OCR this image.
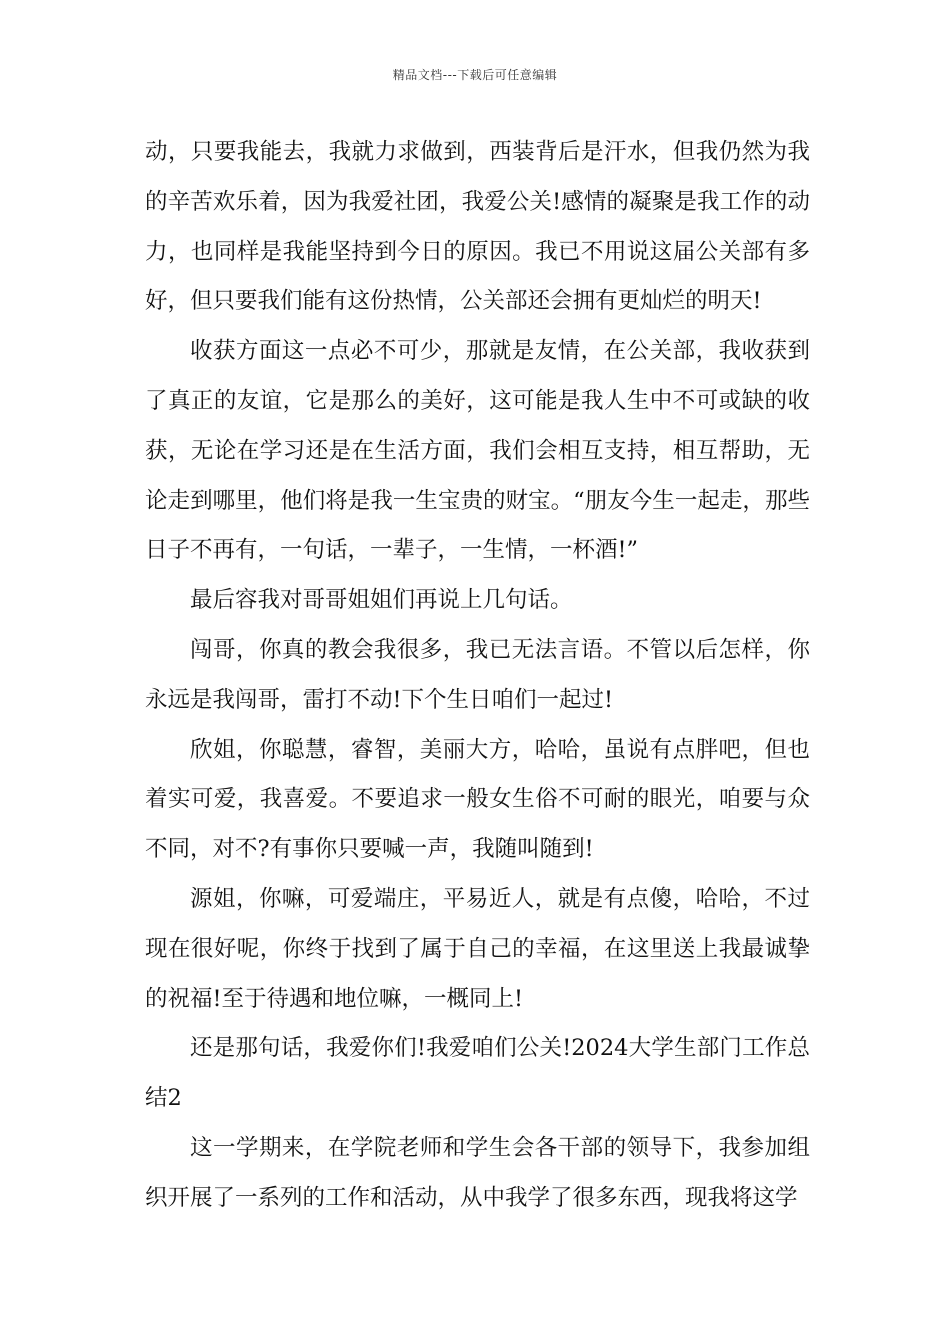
精品文档---下载后可任意编辑

动，只要我能去，我就力求做到，西装背后是汗水，但我仍然为我的辛苦欢乐着，因为我爱社团，我爱公关!感情的凝聚是我工作的动力，也同样是我能坚持到今日的原因。我已不用说这届公关部有多好，但只要我们能有这份热情，公关部还会拥有更灿烂的明天!

收获方面这一点必不可少，那就是友情，在公关部，我收获到了真正的友谊，它是那么的美好，这可能是我人生中不可或缺的收获，无论在学习还是在生活方面，我们会相互支持，相互帮助，无论走到哪里，他们将是我一生宝贵的财宝。“朋友今生一起走，那些日子不再有，一句话，一辈子，一生情，一杯酒!”

最后容我对哥哥姐姐们再说上几句话。

闯哥，你真的教会我很多，我已无法言语。不管以后怎样，你永远是我闯哥，雷打不动!下个生日咱们一起过!

欣姐，你聪慧，睿智，美丽大方，哈哈，虽说有点胖吧，但也着实可爱，我喜爱。不要追求一般女生俗不可耐的眼光，咱要与众不同，对不?有事你只要喊一声，我随叫随到!

源姐，你嘛，可爱端庄，平易近人，就是有点傻，哈哈，不过现在很好呢，你终于找到了属于自己的幸福，在这里送上我最诚挚的祝福!至于待遇和地位嘛，一概同上!

还是那句话，我爱你们!我爱咱们公关!2024大学生部门工作总结2

这一学期来，在学院老师和学生会各干部的领导下，我参加组织开展了一系列的工作和活动，从中我学了很多东西，现我将这学
